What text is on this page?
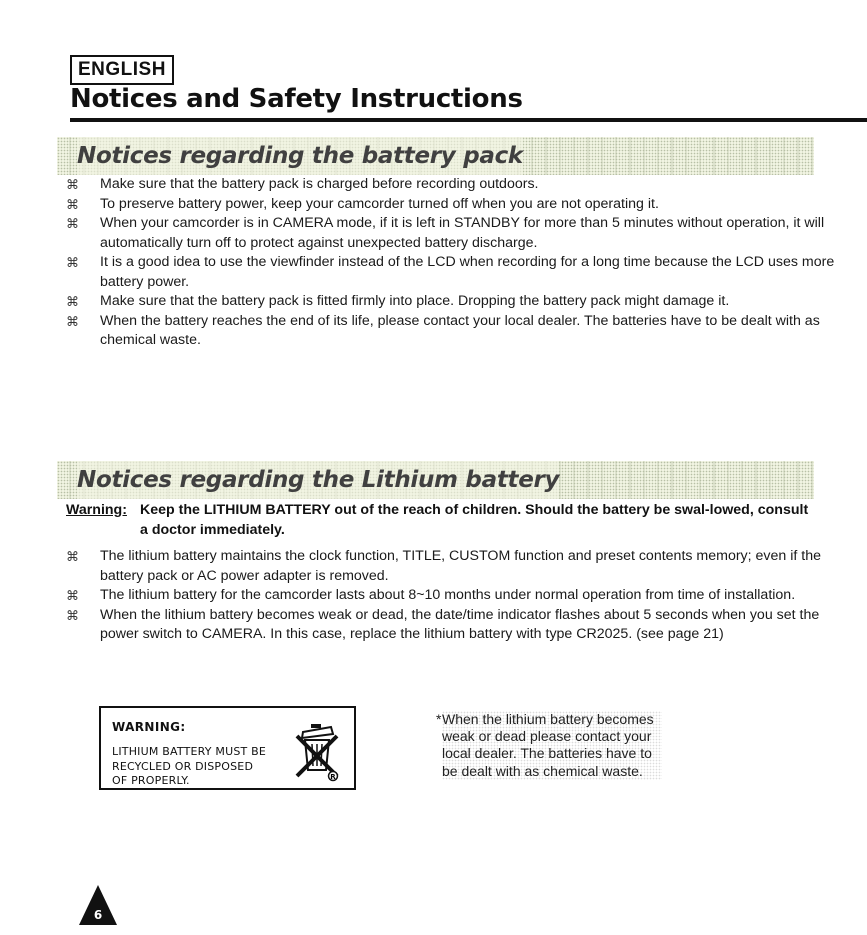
ENGLISH
Notices and Safety Instructions
Notices regarding the battery pack
⌘ Make sure that the battery pack is charged before recording outdoors.
⌘ To preserve battery power, keep your camcorder turned off when you are not operating it.
⌘ When your camcorder is in CAMERA mode, if it is left in STANDBY for more than 5 minutes without operation, it will automatically turn off to protect against unexpected battery discharge.
⌘ It is a good idea to use the viewfinder instead of the LCD when recording for a long time because the LCD uses more battery power.
⌘ Make sure that the battery pack is fitted firmly into place. Dropping the battery pack might damage it.
⌘ When the battery reaches the end of its life, please contact your local dealer. The batteries have to be dealt with as chemical waste.
Notices regarding the Lithium battery
Warning: Keep the LITHIUM BATTERY out of the reach of children. Should the battery be swal-lowed, consult a doctor immediately.
⌘ The lithium battery maintains the clock function, TITLE, CUSTOM function and preset contents memory; even if the battery pack or AC power adapter is removed.
⌘ The lithium battery for the camcorder lasts about 8~10 months under normal operation from time of installation.
⌘ When the lithium battery becomes weak or dead, the date/time indicator flashes about 5 seconds when you set the power switch to CAMERA. In this case, replace the lithium battery with type CR2025. (see page 21)
WARNING:
LITHIUM BATTERY MUST BE
RECYCLED OR DISPOSED
OF PROPERLY.	R
* When the lithium battery becomes weak or dead please contact your local dealer. The batteries have to be dealt with as chemical waste.
6
